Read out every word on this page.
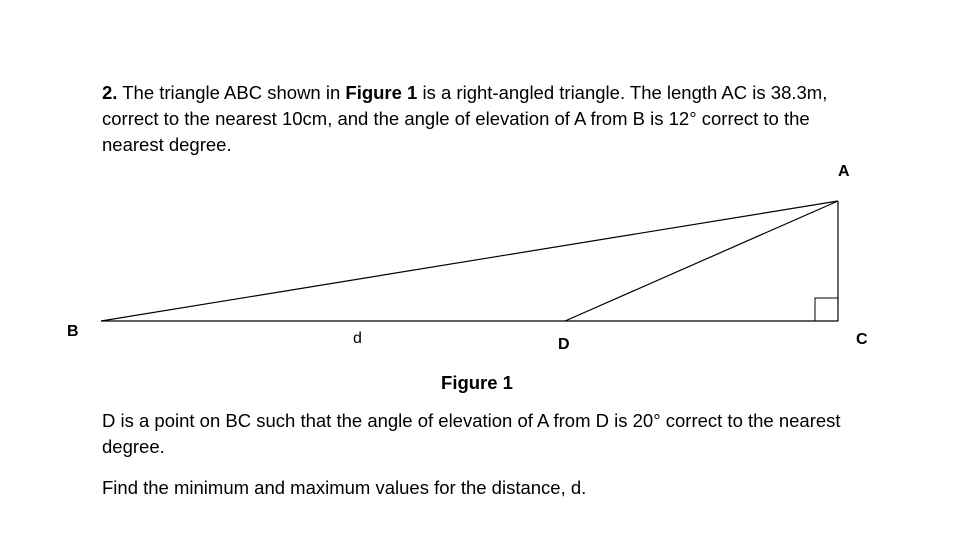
2. The triangle ABC shown in Figure 1 is a right-angled triangle. The length AC is 38.3m, correct to the nearest 10cm, and the angle of elevation of A from B is 12° correct to the nearest degree.
A
B	C
D
d
Figure 1
D is a point on BC such that the angle of elevation of A from D is 20° correct to the nearest degree.
Find the minimum and maximum values for the distance, d.
